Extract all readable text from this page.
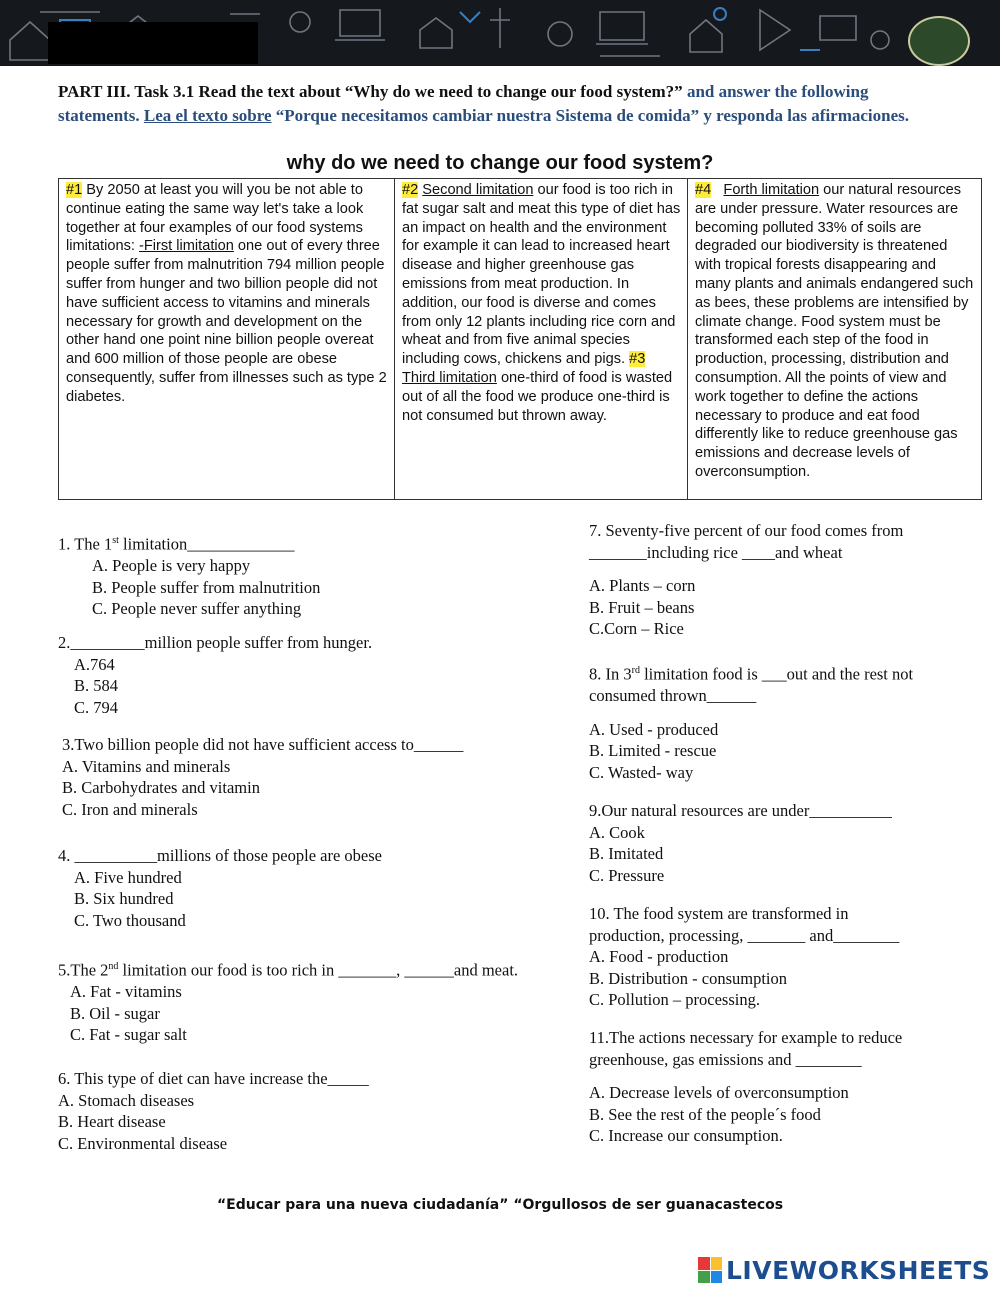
PART III. Task 3.1 Read the text about “Why do we need to change our food system?” and answer the following statements. Lea el texto sobre “Porque necesitamos cambiar nuestra Sistema de comida” y responda las afirmaciones.
why do we need to change our food system?
#1 By 2050 at least you will you be not able to continue eating the same way let's take a look together at four examples of our food systems limitations: -First limitation one out of every three people suffer from malnutrition 794 million people suffer from hunger and two billion people did not have sufficient access to vitamins and minerals necessary for growth and development on the other hand one point nine billion people overeat and 600 million of those people are obese consequently, suffer from illnesses such as type 2 diabetes.	#2 Second limitation our food is too rich in fat sugar salt and meat this type of diet has an impact on health and the environment for example it can lead to increased heart disease and higher greenhouse gas emissions from meat production. In addition, our food is diverse and comes from only 12 plants including rice corn and wheat and from five animal species including cows, chickens and pigs. #3 Third limitation one-third of food is wasted out of all the food we produce one-third is not consumed but thrown away.	#4 Forth limitation our natural resources are under pressure. Water resources are becoming polluted 33% of soils are degraded our biodiversity is threatened with tropical forests disappearing and many plants and animals endangered such as bees, these problems are intensified by climate change. Food system must be transformed each step of the food in production, processing, distribution and consumption. All the points of view and work together to define the actions necessary to produce and eat food differently like to reduce greenhouse gas emissions and decrease levels of overconsumption.
1. The 1st limitation_____________
A. People is very happy
B. People suffer from malnutrition
C. People never suffer anything
2._________million people suffer from hunger.
A.764
B. 584
C. 794
3.Two billion people did not have sufficient access to______
A. Vitamins and minerals
B. Carbohydrates and vitamin
C. Iron and minerals
4. __________millions of those people are obese
A. Five hundred
B. Six hundred
C. Two thousand
5.The 2nd limitation our food is too rich in _______, ______and meat.
A. Fat - vitamins
B. Oil - sugar
C. Fat - sugar salt
6. This type of diet can have increase the_____
A. Stomach diseases
B. Heart disease
C. Environmental disease
7. Seventy-five percent of our food comes from
_______including rice ____and wheat
A. Plants – corn
B. Fruit – beans
C.Corn – Rice
8. In 3rd limitation food is ___out and the rest not
consumed thrown______
A. Used - produced
B. Limited - rescue
C. Wasted- way
9.Our natural resources are under__________
A. Cook
B. Imitated
C. Pressure
10. The food system are transformed in
production, processing, _______ and________
A. Food - production
B. Distribution - consumption
C. Pollution – processing.
11.The actions necessary for example to reduce
greenhouse, gas emissions and ________
A. Decrease levels of overconsumption
B. See the rest of the people´s food
C. Increase our consumption.
“Educar para una nueva ciudadanía” “Orgullosos de ser guanacastecos
LIVEWORKSHEETS
